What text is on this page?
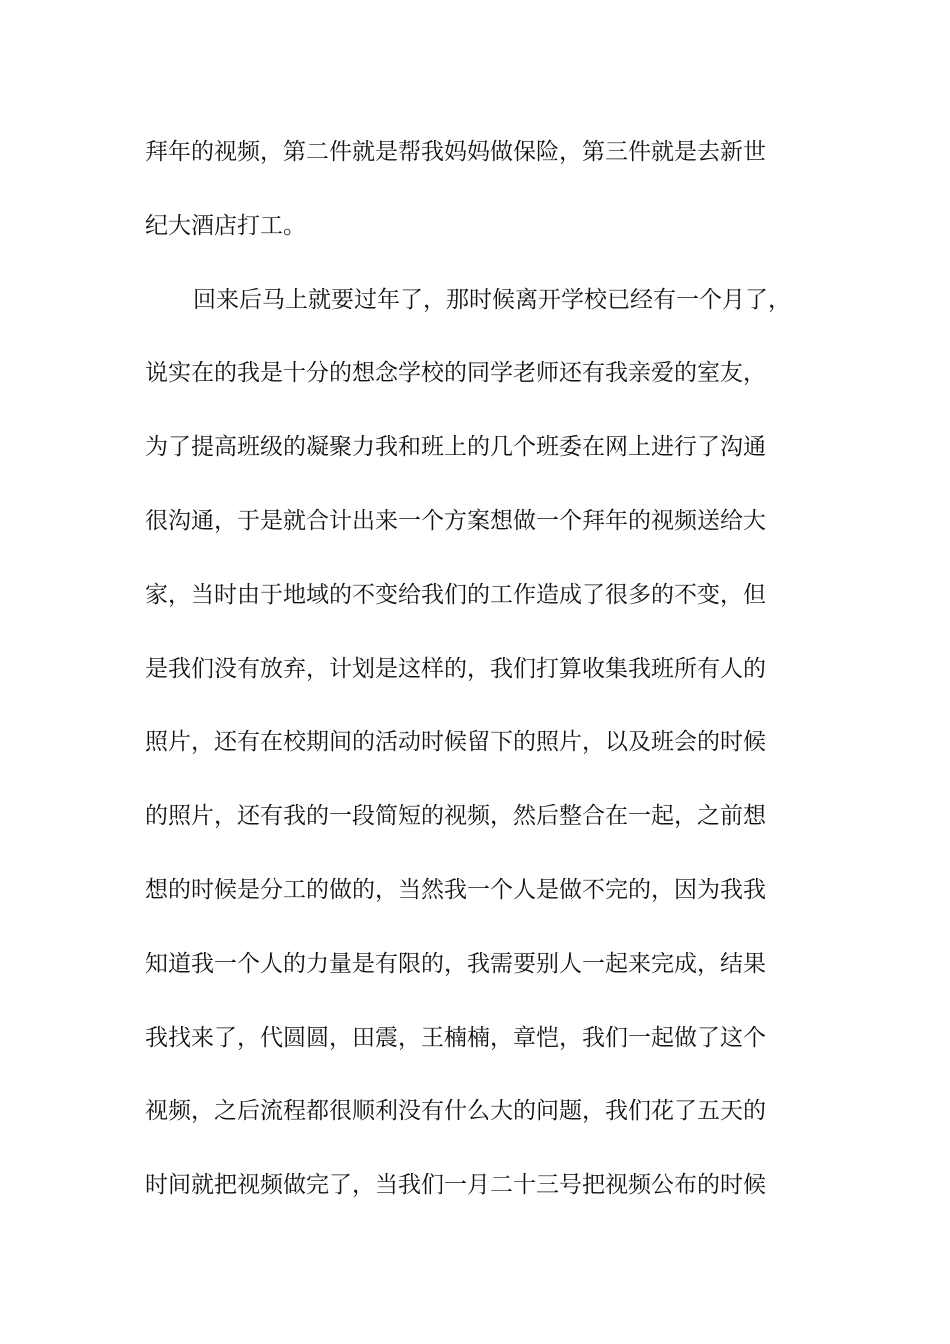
拜年的视频，第二件就是帮我妈妈做保险，第三件就是去新世
纪大酒店打工。
回来后马上就要过年了，那时候离开学校已经有一个月了，
说实在的我是十分的想念学校的同学老师还有我亲爱的室友，
为了提高班级的凝聚力我和班上的几个班委在网上进行了沟通
很沟通，于是就合计出来一个方案想做一个拜年的视频送给大
家，当时由于地域的不变给我们的工作造成了很多的不变，但
是我们没有放弃，计划是这样的，我们打算收集我班所有人的
照片，还有在校期间的活动时候留下的照片，以及班会的时候
的照片，还有我的一段简短的视频，然后整合在一起，之前想
想的时候是分工的做的，当然我一个人是做不完的，因为我我
知道我一个人的力量是有限的，我需要别人一起来完成，结果
我找来了，代圆圆，田震，王楠楠，章恺，我们一起做了这个
视频，之后流程都很顺利没有什么大的问题，我们花了五天的
时间就把视频做完了，当我们一月二十三号把视频公布的时候
